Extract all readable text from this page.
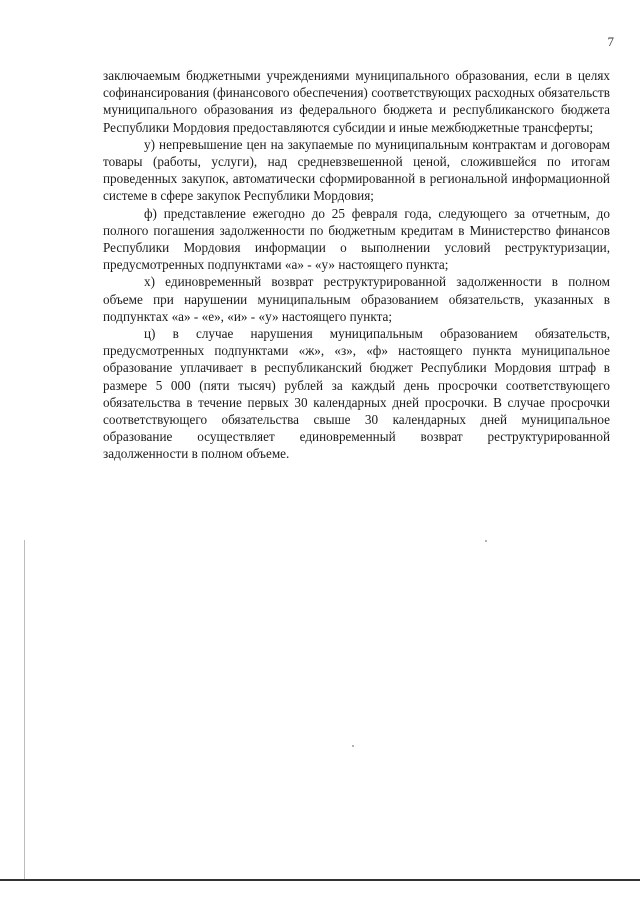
7

заключаемым бюджетными учреждениями муниципального образования, если в целях софинансирования (финансового обеспечения) соответствующих расходных обязательств муниципального образования из федерального бюджета и республиканского бюджета Республики Мордовия предоставляются субсидии и иные межбюджетные трансферты;

у) непревышение цен на закупаемые по муниципальным контрактам и договорам товары (работы, услуги), над средневзвешенной ценой, сложившейся по итогам проведенных закупок, автоматически сформированной в региональной информационной системе в сфере закупок Республики Мордовия;

ф) представление ежегодно до 25 февраля года, следующего за отчетным, до полного погашения задолженности по бюджетным кредитам в Министерство финансов Республики Мордовия информации о выполнении условий реструктуризации, предусмотренных подпунктами «а» - «у» настоящего пункта;

х) единовременный возврат реструктурированной задолженности в полном объеме при нарушении муниципальным образованием обязательств, указанных в подпунктах «а» - «е», «и» - «у» настоящего пункта;

ц) в случае нарушения муниципальным образованием обязательств, предусмотренных подпунктами «ж», «з», «ф» настоящего пункта муниципальное образование уплачивает в республиканский бюджет Республики Мордовия штраф в размере 5 000 (пяти тысяч) рублей за каждый день просрочки соответствующего обязательства в течение первых 30 календарных дней просрочки. В случае просрочки соответствующего обязательства свыше 30 календарных дней муниципальное образование осуществляет единовременный возврат реструктурированной задолженности в полном объеме.
